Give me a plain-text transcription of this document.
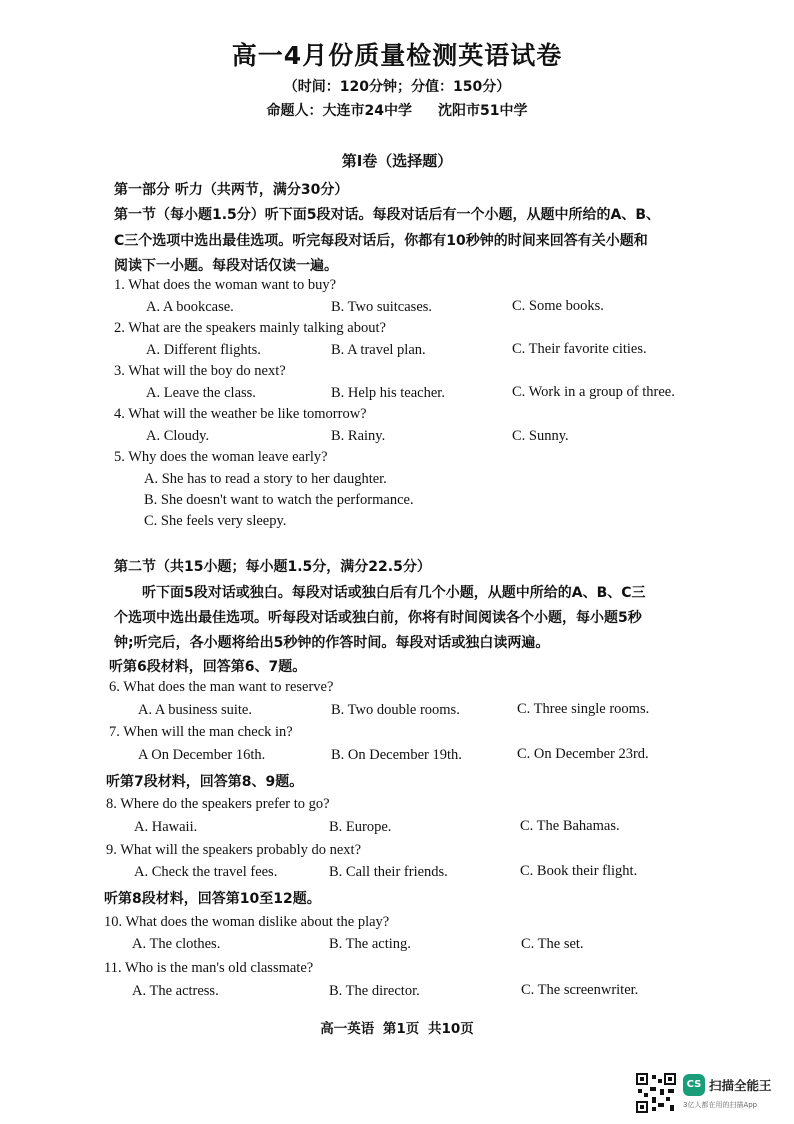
高一4月份质量检测英语试卷
（时间：120分钟；分值：150分）
命题人：大连市24中学 沈阳市51中学
第Ⅰ卷（选择题）
第一部分 听力（共两节，满分30分）
第一节（每小题1.5分）听下面5段对话。每段对话后有一个小题，从题中所给的A、B、
C三个选项中选出最佳选项。听完每段对话后，你都有10秒钟的时间来回答有关小题和
阅读下一小题。每段对话仅读一遍。
1. What does the woman want to buy?
A. A bookcase.	B. Two suitcases.	C. Some books.
2. What are the speakers mainly talking about?
A. Different flights.	B. A travel plan.	C. Their favorite cities.
3. What will the boy do next?
A. Leave the class.	B. Help his teacher.	C. Work in a group of three.
4. What will the weather be like tomorrow?
A. Cloudy.	B. Rainy.	C. Sunny.
5. Why does the woman leave early?
A. She has to read a story to her daughter.
B. She doesn't want to watch the performance.
C. She feels very sleepy.
第二节（共15小题；每小题1.5分，满分22.5分）
听下面5段对话或独白。每段对话或独白后有几个小题，从题中所给的A、B、C三
个选项中选出最佳选项。听每段对话或独白前，你将有时间阅读各个小题，每小题5秒
钟;听完后，各小题将给出5秒钟的作答时间。每段对话或独白读两遍。
听第6段材料，回答第6、7题。
6. What does the man want to reserve?
A. A business suite.	B. Two double rooms.	C. Three single rooms.
7. When will the man check in?
A On December 16th.	B. On December 19th.	C. On December 23rd.
听第7段材料，回答第8、9题。
8. Where do the speakers prefer to go?
A. Hawaii.	B. Europe.	C. The Bahamas.
9. What will the speakers probably do next?
A. Check the travel fees.	B. Call their friends.	C. Book their flight.
听第8段材料，回答第10至12题。
10. What does the woman dislike about the play?
A. The clothes.	B. The acting.	C. The set.
11. Who is the man's old classmate?
A. The actress.	B. The director.	C. The screenwriter.
高一英语 第1页 共10页
CS 扫描全能王
3亿人都在用的扫描App
